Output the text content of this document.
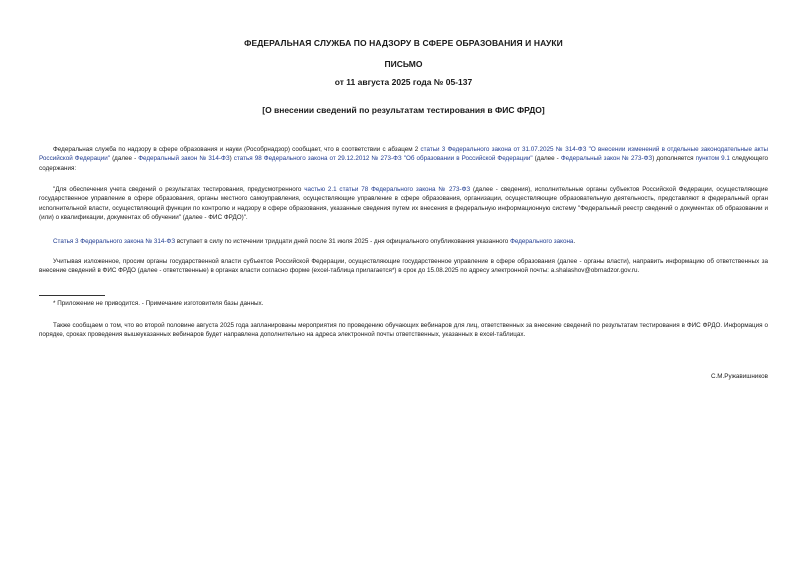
ФЕДЕРАЛЬНАЯ СЛУЖБА ПО НАДЗОРУ В СФЕРЕ ОБРАЗОВАНИЯ И НАУКИ
ПИСЬМО
от 11 августа 2025 года № 05-137
[О внесении сведений по результатам тестирования в ФИС ФРДО]

Федеральная служба по надзору в сфере образования и науки (Рособрнадзор) сообщает, что в соответствии с абзацем 2 статьи 3 Федерального закона от 31.07.2025 № 314-ФЗ "О внесении изменений в отдельные законодательные акты Российской Федерации" (далее - Федеральный закон № 314-ФЗ) статья 98 Федерального закона от 29.12.2012 № 273-ФЗ "Об образовании в Российской Федерации" (далее - Федеральный закон № 273-ФЗ) дополняется пунктом 9.1 следующего содержания:

"Для обеспечения учета сведений о результатах тестирования, предусмотренного частью 2.1 статьи 78 Федерального закона № 273-ФЗ (далее - сведения), исполнительные органы субъектов Российской Федерации, осуществляющие государственное управление в сфере образования, органы местного самоуправления, осуществляющие управление в сфере образования, организации, осуществляющие образовательную деятельность, представляют в федеральный орган исполнительной власти, осуществляющий функции по контролю и надзору в сфере образования, указанные сведения путем их внесения в федеральную информационную систему "Федеральный реестр сведений о документах об образовании и (или) о квалификации, документах об обучении" (далее - ФИС ФРДО)".

Статья 3 Федерального закона № 314-ФЗ вступает в силу по истечении тридцати дней после 31 июля 2025 - дня официального опубликования указанного Федерального закона.

Учитывая изложенное, просим органы государственной власти субъектов Российской Федерации, осуществляющие государственное управление в сфере образования (далее - органы власти), направить информацию об ответственных за внесение сведений в ФИС ФРДО (далее - ответственные) в органах власти согласно форме (excel-таблица прилагается*) в срок до 15.08.2025 по адресу электронной почты: a.shalashov@obrnadzor.gov.ru.

* Приложение не приводится. - Примечание изготовителя базы данных.

Также сообщаем о том, что во второй половине августа 2025 года запланированы мероприятия по проведению обучающих вебинаров для лиц, ответственных за внесение сведений по результатам тестирования в ФИС ФРДО. Информация о порядке, сроках проведения вышеуказанных вебинаров будет направлена дополнительно на адреса электронной почты ответственных, указанных в excel-таблицах.

С.М.Ружавишников
